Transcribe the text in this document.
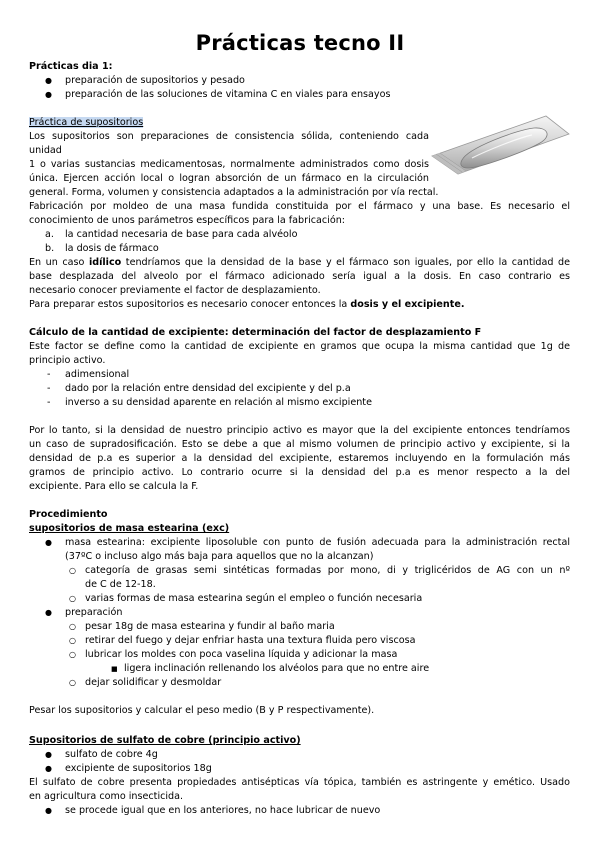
Prácticas tecno II

Prácticas dia 1:

● preparación de supositorios y pesado
● preparación de las soluciones de vitamina C en viales para ensayos

Práctica de supositorios

Los supositorios son preparaciones de consistencia sólida, conteniendo cada unidad

1 o varias sustancias medicamentosas, normalmente administrados como dosis

única. Ejercen acción local o logran absorción de un fármaco en la circulación

general. Forma, volumen y consistencia adaptados a la administración por vía rectal.

Fabricación por moldeo de una masa fundida constituida por el fármaco y una base. Es necesario el

conocimiento de unos parámetros específicos para la fabricación:

a. la cantidad necesaria de base para cada alvéolo
b. la dosis de fármaco

En un caso idílico tendríamos que la densidad de la base y el fármaco son iguales, por ello la cantidad de

base desplazada del alveolo por el fármaco adicionado sería igual a la dosis. En caso contrario es

necesario conocer previamente el factor de desplazamiento.

Para preparar estos supositorios es necesario conocer entonces la dosis y el excipiente.

Cálculo de la cantidad de excipiente: determinación del factor de desplazamiento F

Este factor se define como la cantidad de excipiente en gramos que ocupa la misma cantidad que 1g de

principio activo.

- adimensional
- dado por la relación entre densidad del excipiente y del p.a
- inverso a su densidad aparente en relación al mismo excipiente

Por lo tanto, si la densidad de nuestro principio activo es mayor que la del excipiente entonces tendríamos

un caso de supradosificación. Esto se debe a que al mismo volumen de principio activo y excipiente, si la

densidad de p.a es superior a la densidad del excipiente, estaremos incluyendo en la formulación más

gramos de principio activo. Lo contrario ocurre si la densidad del p.a es menor respecto a la del

excipiente. Para ello se calcula la F.

Procedimiento

supositorios de masa estearina (exc)

● masa estearina: excipiente liposoluble con punto de fusión adecuada para la administración rectal
(37ºC o incluso algo más baja para aquellos que no la alcanzan)
○ categoría de grasas semi sintéticas formadas por mono, di y triglicéridos de AG con un nº
de C de 12-18.
○ varias formas de masa estearina según el empleo o función necesaria
● preparación
○ pesar 18g de masa estearina y fundir al baño maria
○ retirar del fuego y dejar enfriar hasta una textura fluida pero viscosa
○ lubricar los moldes con poca vaselina líquida y adicionar la masa
■ ligera inclinación rellenando los alvéolos para que no entre aire
○ dejar solidificar y desmoldar

Pesar los supositorios y calcular el peso medio (B y P respectivamente).

Supositorios de sulfato de cobre (principio activo)

● sulfato de cobre 4g
● excipiente de supositorios 18g

El sulfato de cobre presenta propiedades antisépticas vía tópica, también es astringente y emético. Usado

en agricultura como insecticida.

● se procede igual que en los anteriores, no hace lubricar de nuevo
